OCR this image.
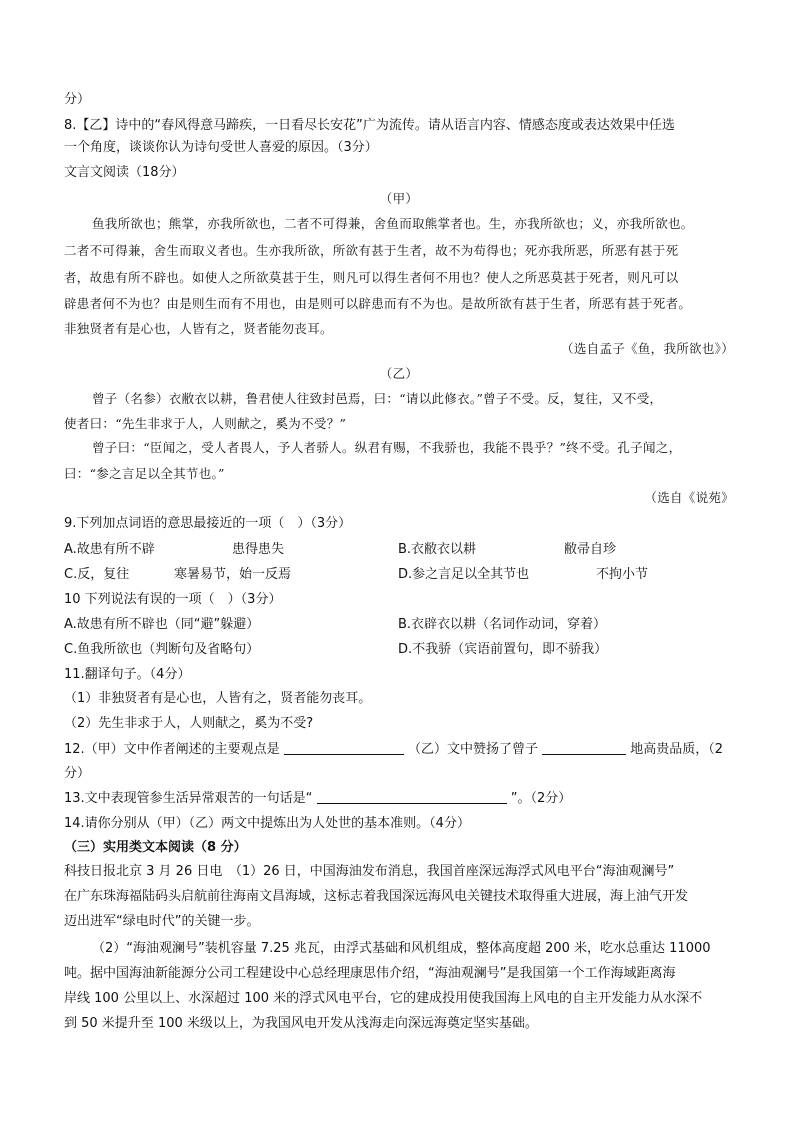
分）
8.【乙】诗中的“春风得意马蹄疾，一日看尽长安花”广为流传。请从语言内容、情感态度或表达效果中任选
一个角度，谈谈你认为诗句受世人喜爱的原因。（3分）
文言文阅读（18分）
（甲）
鱼我所欲也；熊掌，亦我所欲也，二者不可得兼，舍鱼而取熊掌者也。生，亦我所欲也；义，亦我所欲也。
二者不可得兼，舍生而取义者也。生亦我所欲，所欲有甚于生者，故不为苟得也；死亦我所恶，所恶有甚于死
者，故患有所不辟也。如使人之所欲莫甚于生，则凡可以得生者何不用也？使人之所恶莫甚于死者，则凡可以
辟患者何不为也？由是则生而有不用也，由是则可以辟患而有不为也。是故所欲有甚于生者，所恶有甚于死者。
非独贤者有是心也，人皆有之，贤者能勿丧耳。
（选自孟子《鱼，我所欲也》）
（乙）
曾子（名参）衣敝衣以耕，鲁君使人往致封邑焉，曰：“请以此修衣。”曾子不受。反，复往，又不受，
使者曰：“先生非求于人，人则献之，奚为不受？”
曾子曰：“臣闻之，受人者畏人，予人者骄人。纵君有赐，不我骄也，我能不畏乎？”终不受。孔子闻之，
曰：“参之言足以全其节也。”
（选自《说苑》
9.下列加点词语的意思最接近的一项（　）（3分）
A.故患有所不辟	患得患失	B.衣敝衣以耕	敝帚自珍
C.反，复往	寒暑易节，始一反焉	D.参之言足以全其节也	不拘小节
10 下列说法有误的一项（　）（3分）
A.故患有所不辟也（同“避”躲避）	B.衣辟衣以耕（名词作动词，穿着）
C.鱼我所欲也（判断句及省略句）	D.不我骄（宾语前置句，即不骄我）
11.翻译句子。（4分）
（1）非独贤者有是心也，人皆有之，贤者能勿丧耳。
（2）先生非求于人，人则献之，奚为不受?
12.（甲）文中作者阐述的主要观点是	（乙）文中赞扬了曾子	地高贵品质，（2
分）
13.文中表现管参生活异常艰苦的一句话是“	”。（2分）
14.请你分别从（甲）（乙）两文中提炼出为人处世的基本准则。（4分）
（三）实用类文本阅读（8 分）
科技日报北京 3 月 26 日电　（1）26 日，中国海油发布消息，我国首座深远海浮式风电平台“海油观澜号”
在广东珠海福陆码头启航前往海南文昌海域，这标志着我国深远海风电关键技术取得重大进展，海上油气开发
迈出进军“绿电时代”的关键一步。
（2）“海油观澜号”装机容量 7.25 兆瓦，由浮式基础和风机组成，整体高度超 200 米，吃水总重达 11000
吨。据中国海油新能源分公司工程建设中心总经理康思伟介绍，“海油观澜号”是我国第一个工作海域距离海
岸线 100 公里以上、水深超过 100 米的浮式风电平台，它的建成投用使我国海上风电的自主开发能力从水深不
到 50 米提升至 100 米级以上，为我国风电开发从浅海走向深远海奠定坚实基础。
